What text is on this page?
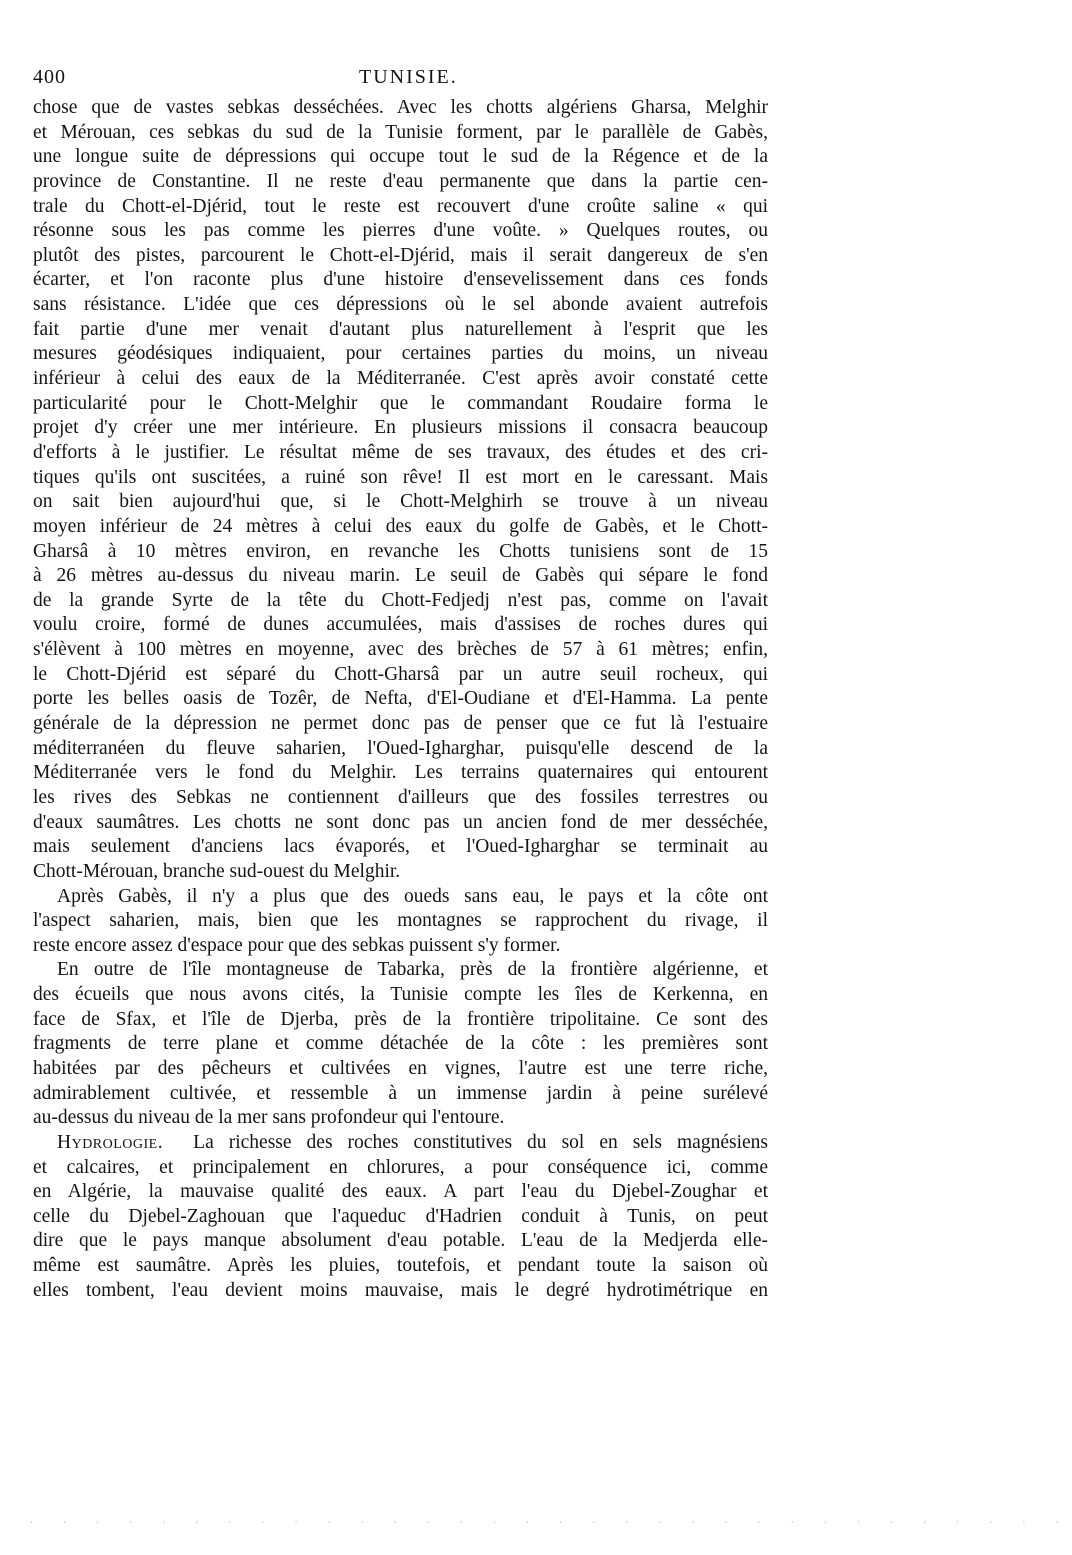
400	TUNISIE.
chose que de vastes sebkas desséchées. Avec les chotts algériens Gharsa, Melghir
et Mérouan, ces sebkas du sud de la Tunisie forment, par le parallèle de Gabès,
une longue suite de dépressions qui occupe tout le sud de la Régence et de la
province de Constantine. Il ne reste d'eau permanente que dans la partie cen-
trale du Chott-el-Djérid, tout le reste est recouvert d'une croûte saline « qui
résonne sous les pas comme les pierres d'une voûte. » Quelques routes, ou
plutôt des pistes, parcourent le Chott-el-Djérid, mais il serait dangereux de s'en
écarter, et l'on raconte plus d'une histoire d'ensevelissement dans ces fonds
sans résistance. L'idée que ces dépressions où le sel abonde avaient autrefois
fait partie d'une mer venait d'autant plus naturellement à l'esprit que les
mesures géodésiques indiquaient, pour certaines parties du moins, un niveau
inférieur à celui des eaux de la Méditerranée. C'est après avoir constaté cette
particularité pour le Chott-Melghir que le commandant Roudaire forma le
projet d'y créer une mer intérieure. En plusieurs missions il consacra beaucoup
d'efforts à le justifier. Le résultat même de ses travaux, des études et des cri-
tiques qu'ils ont suscitées, a ruiné son rêve! Il est mort en le caressant. Mais
on sait bien aujourd'hui que, si le Chott-Melghirh se trouve à un niveau
moyen inférieur de 24 mètres à celui des eaux du golfe de Gabès, et le Chott-
Gharsâ à 10 mètres environ, en revanche les Chotts tunisiens sont de 15
à 26 mètres au-dessus du niveau marin. Le seuil de Gabès qui sépare le fond
de la grande Syrte de la tête du Chott-Fedjedj n'est pas, comme on l'avait
voulu croire, formé de dunes accumulées, mais d'assises de roches dures qui
s'élèvent à 100 mètres en moyenne, avec des brèches de 57 à 61 mètres; enfin,
le Chott-Djérid est séparé du Chott-Gharsâ par un autre seuil rocheux, qui
porte les belles oasis de Tozêr, de Nefta, d'El-Oudiane et d'El-Hamma. La pente
générale de la dépression ne permet donc pas de penser que ce fut là l'estuaire
méditerranéen du fleuve saharien, l'Oued-Igharghar, puisqu'elle descend de la
Méditerranée vers le fond du Melghir. Les terrains quaternaires qui entourent
les rives des Sebkas ne contiennent d'ailleurs que des fossiles terrestres ou
d'eaux saumâtres. Les chotts ne sont donc pas un ancien fond de mer desséchée,
mais seulement d'anciens lacs évaporés, et l'Oued-Igharghar se terminait au
Chott-Mérouan, branche sud-ouest du Melghir.
Après Gabès, il n'y a plus que des oueds sans eau, le pays et la côte ont
l'aspect saharien, mais, bien que les montagnes se rapprochent du rivage, il
reste encore assez d'espace pour que des sebkas puissent s'y former.
En outre de l'île montagneuse de Tabarka, près de la frontière algérienne, et
des écueils que nous avons cités, la Tunisie compte les îles de Kerkenna, en
face de Sfax, et l'île de Djerba, près de la frontière tripolitaine. Ce sont des
fragments de terre plane et comme détachée de la côte : les premières sont
habitées par des pêcheurs et cultivées en vignes, l'autre est une terre riche,
admirablement cultivée, et ressemble à un immense jardin à peine surélevé
au-dessus du niveau de la mer sans profondeur qui l'entoure.
Hydrologie. La richesse des roches constitutives du sol en sels magnésiens
et calcaires, et principalement en chlorures, a pour conséquence ici, comme
en Algérie, la mauvaise qualité des eaux. A part l'eau du Djebel-Zoughar et
celle du Djebel-Zaghouan que l'aqueduc d'Hadrien conduit à Tunis, on peut
dire que le pays manque absolument d'eau potable. L'eau de la Medjerda elle-
même est saumâtre. Après les pluies, toutefois, et pendant toute la saison où
elles tombent, l'eau devient moins mauvaise, mais le degré hydrotimétrique en
· · · · · · · · · · · · · · · · · · · · · · · · · · · · · · · ·
